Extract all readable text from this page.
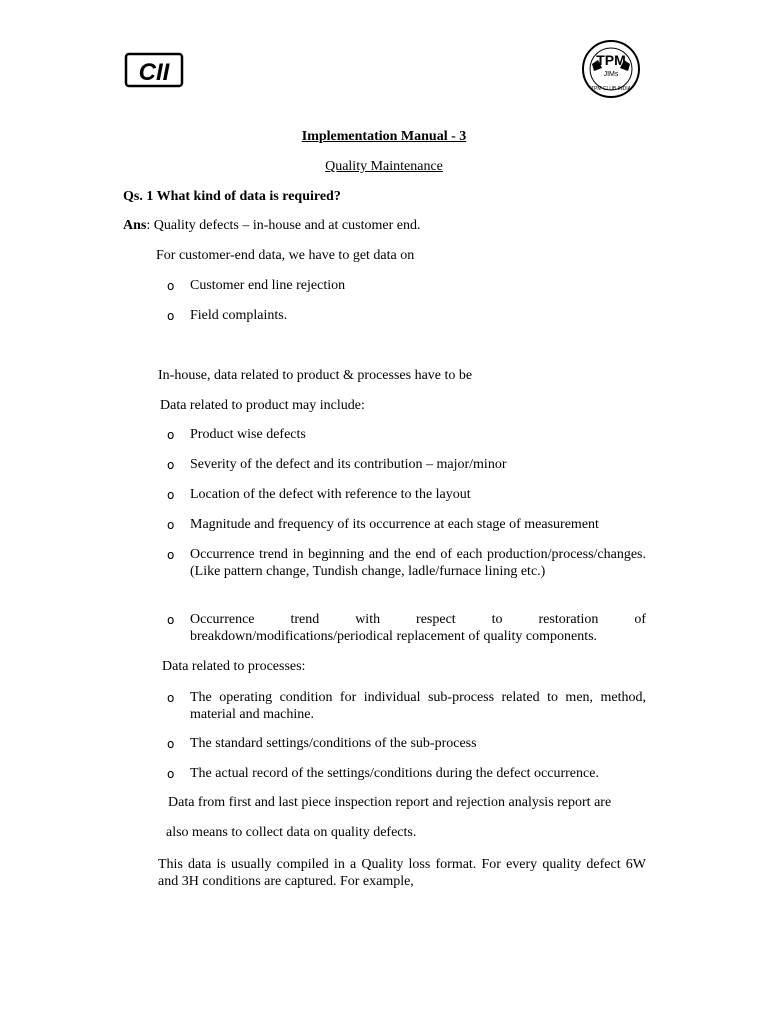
CII	TPM
JIMs
TPM CLUB INDIA
Implementation Manual - 3
Quality Maintenance
Qs. 1 What kind of data is required?
Ans: Quality defects – in-house and at customer end.
For customer-end data, we have to get data on
o Customer end line rejection
o Field complaints.
In-house, data related to product & processes have to be
Data related to product may include:
o Product wise defects
o Severity of the defect and its contribution – major/minor
o Location of the defect with reference to the layout
o Magnitude and frequency of its occurrence at each stage of measurement
o Occurrence trend in beginning and the end of each production/process/changes. (Like pattern change, Tundish change, ladle/furnace lining etc.)
o Occurrence trend with respect to restoration of breakdown/modifications/periodical replacement of quality components.
Data related to processes:
o The operating condition for individual sub-process related to men, method, material and machine.
o The standard settings/conditions of the sub-process
o The actual record of the settings/conditions during the defect occurrence.
Data from first and last piece inspection report and rejection analysis report are
also means to collect data on quality defects.
This data is usually compiled in a Quality loss format. For every quality defect 6W and 3H conditions are captured. For example,
